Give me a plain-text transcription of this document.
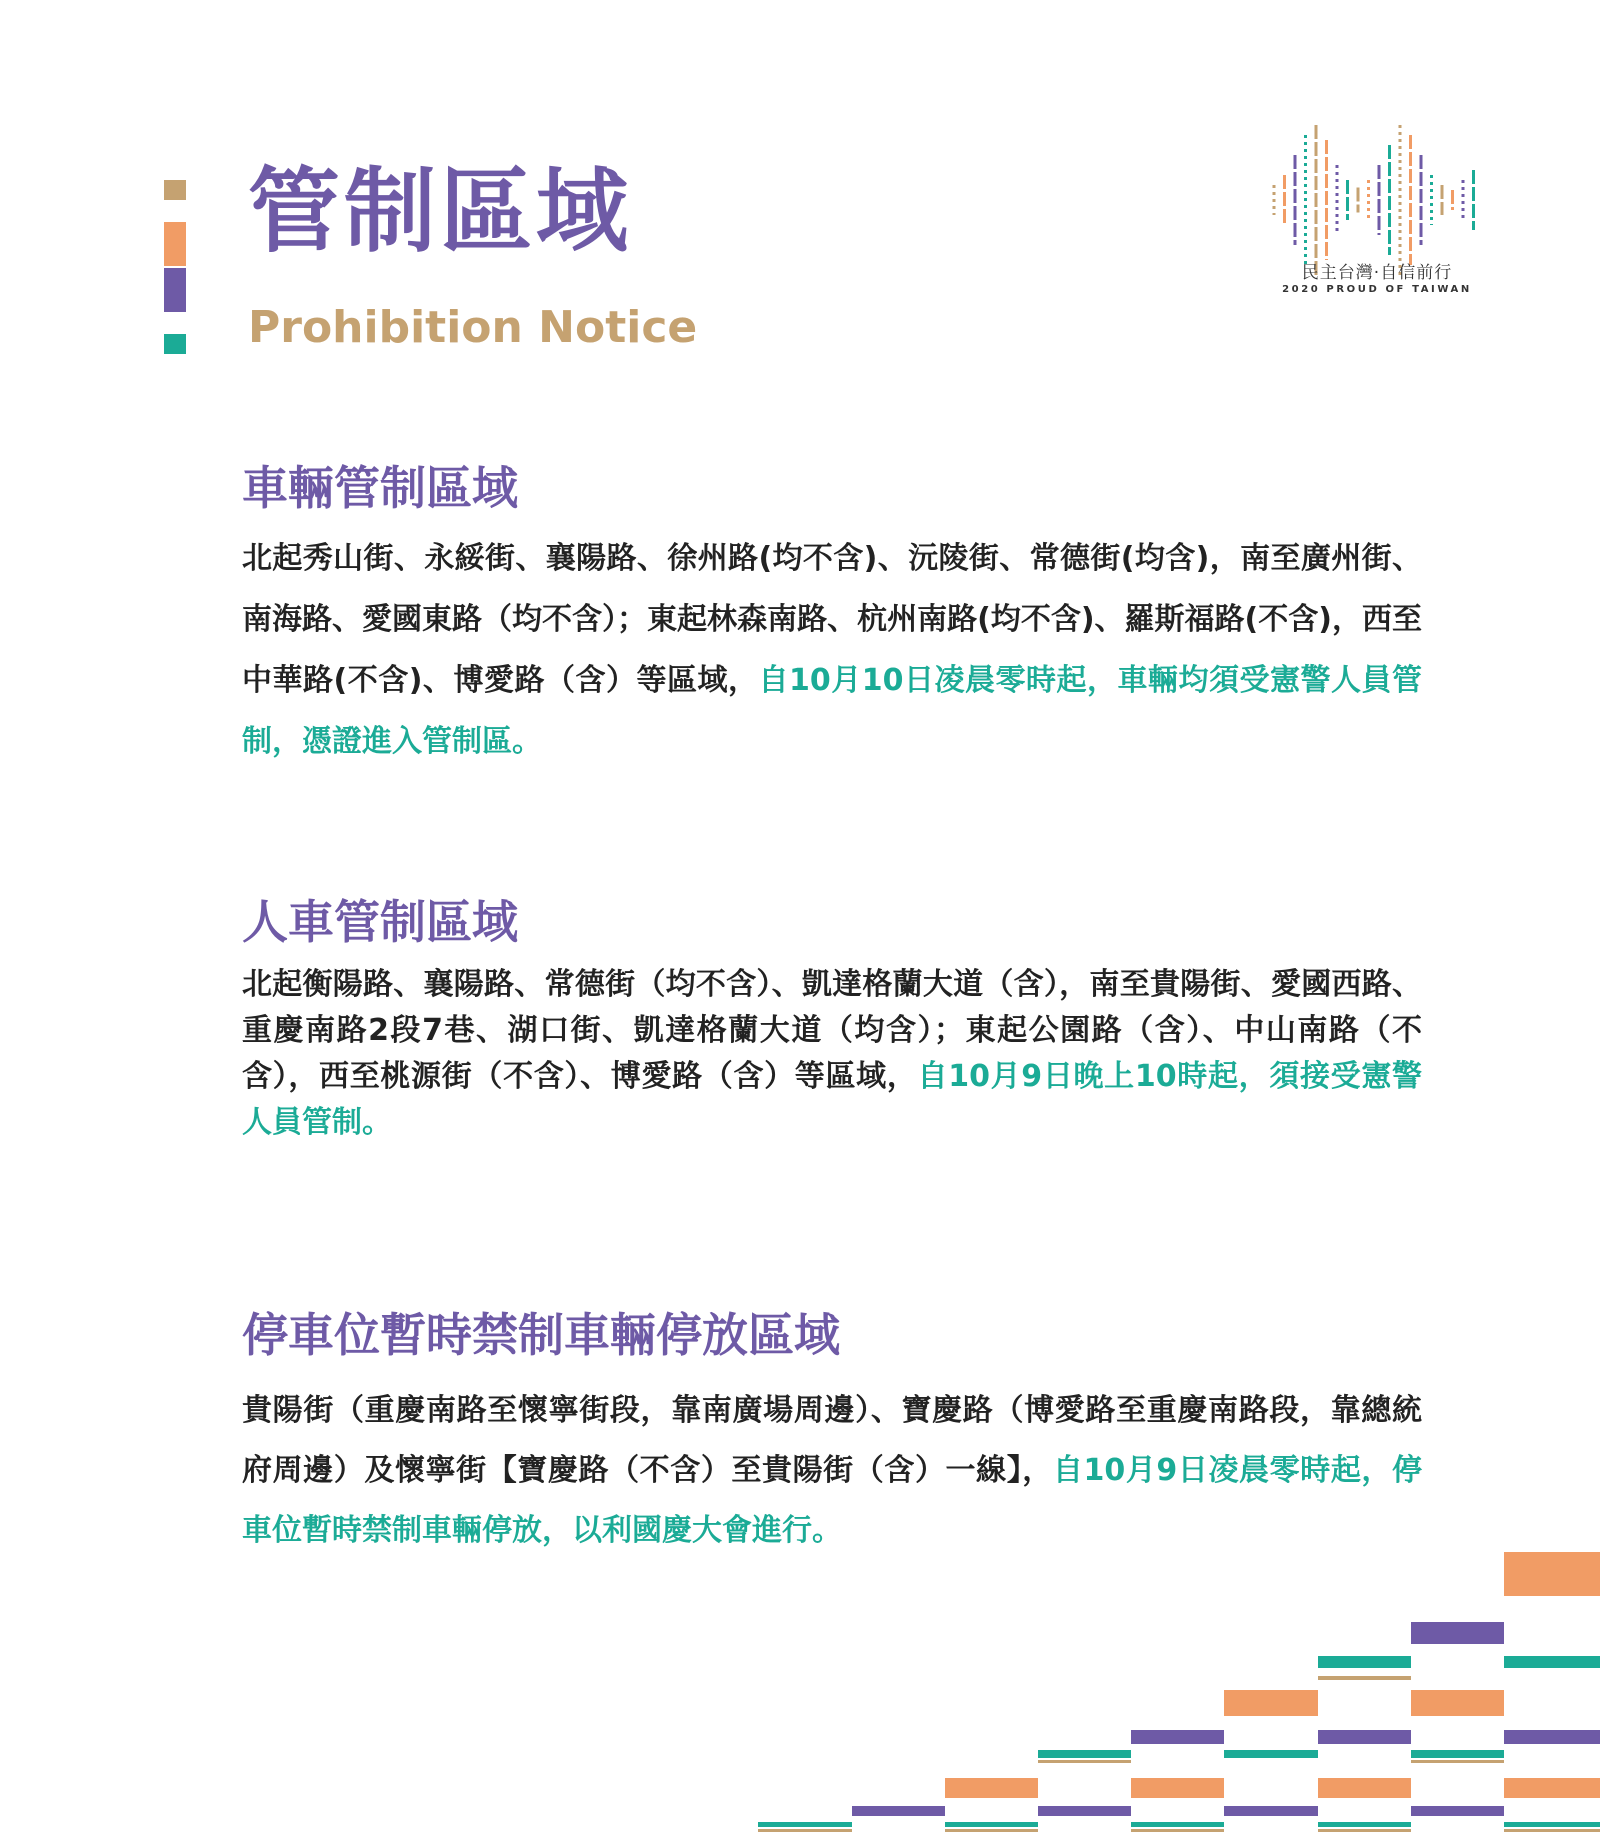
管制區域
Prohibition Notice
民主台灣·自信前行
2020 PROUD OF TAIWAN
車輛管制區域

北起秀山街、永綏街、襄陽路、徐州路(均不含)、沅陵街、常德街(均含)，南至廣州街、南海路、愛國東路（均不含）；東起林森南路、杭州南路(均不含)、羅斯福路(不含)，西至中華路(不含)、博愛路（含）等區域，自10月10日凌晨零時起，車輛均須受憲警人員管制，憑證進入管制區。

人車管制區域

北起衡陽路、襄陽路、常德街（均不含）、凱達格蘭大道（含），南至貴陽街、愛國西路、重慶南路2段7巷、湖口街、凱達格蘭大道（均含）；東起公園路（含）、中山南路（不含），西至桃源街（不含）、博愛路（含）等區域，自10月9日晚上10時起，須接受憲警人員管制。

停車位暫時禁制車輛停放區域

貴陽街（重慶南路至懷寧街段，靠南廣場周邊）、寶慶路（博愛路至重慶南路段，靠總統府周邊）及懷寧街【寶慶路（不含）至貴陽街（含）一線】，自10月9日凌晨零時起，停車位暫時禁制車輛停放，以利國慶大會進行。
